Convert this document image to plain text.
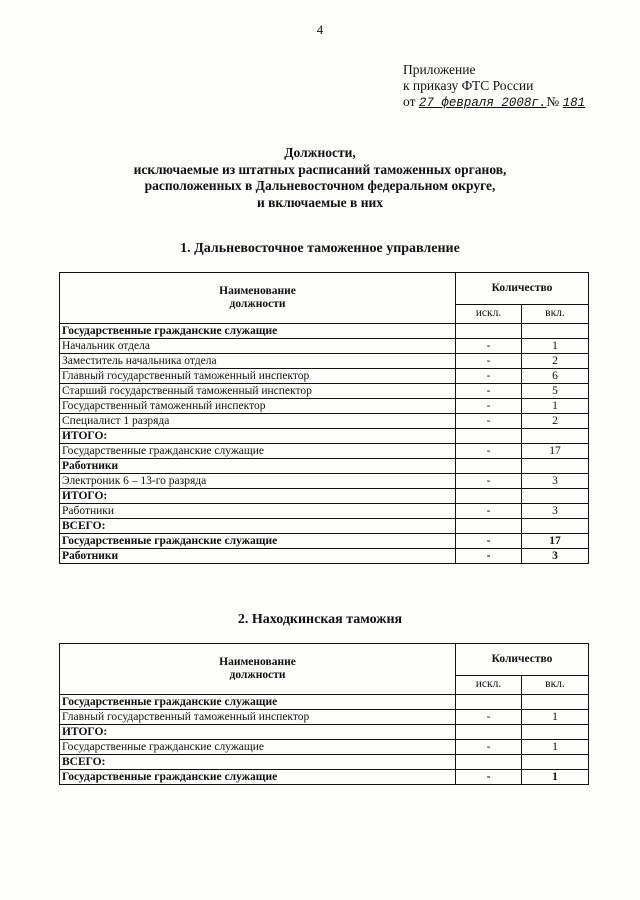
4
Приложение
к приказу ФТС России
от 27 февраля 2008г.№ 181
Должности,
исключаемые из штатных расписаний таможенных органов,
расположенных в Дальневосточном федеральном округе,
и включаемые в них
1. Дальневосточное таможенное управление
Наименование
должности	Количество	
	искл.	вкл.
Государственные гражданские служащие		
Начальник отдела	-	1
Заместитель начальника отдела	-	2
Главный государственный таможенный инспектор	-	6
Старший государственный таможенный инспектор	-	5
Государственный таможенный инспектор	-	1
Специалист 1 разряда	-	2
ИТОГО:		
Государственные гражданские служащие	-	17
Работники		
Электроник 6 – 13-го разряда	-	3
ИТОГО:		
Работники	-	3
ВСЕГО:		
Государственные гражданские служащие	-	17
Работники	-	3
2. Находкинская таможня
Наименование
должности	Количество	
	искл.	вкл.
Государственные гражданские служащие		
Главный государственный таможенный инспектор	-	1
ИТОГО:		
Государственные гражданские служащие	-	1
ВСЕГО:		
Государственные гражданские служащие	-	1
